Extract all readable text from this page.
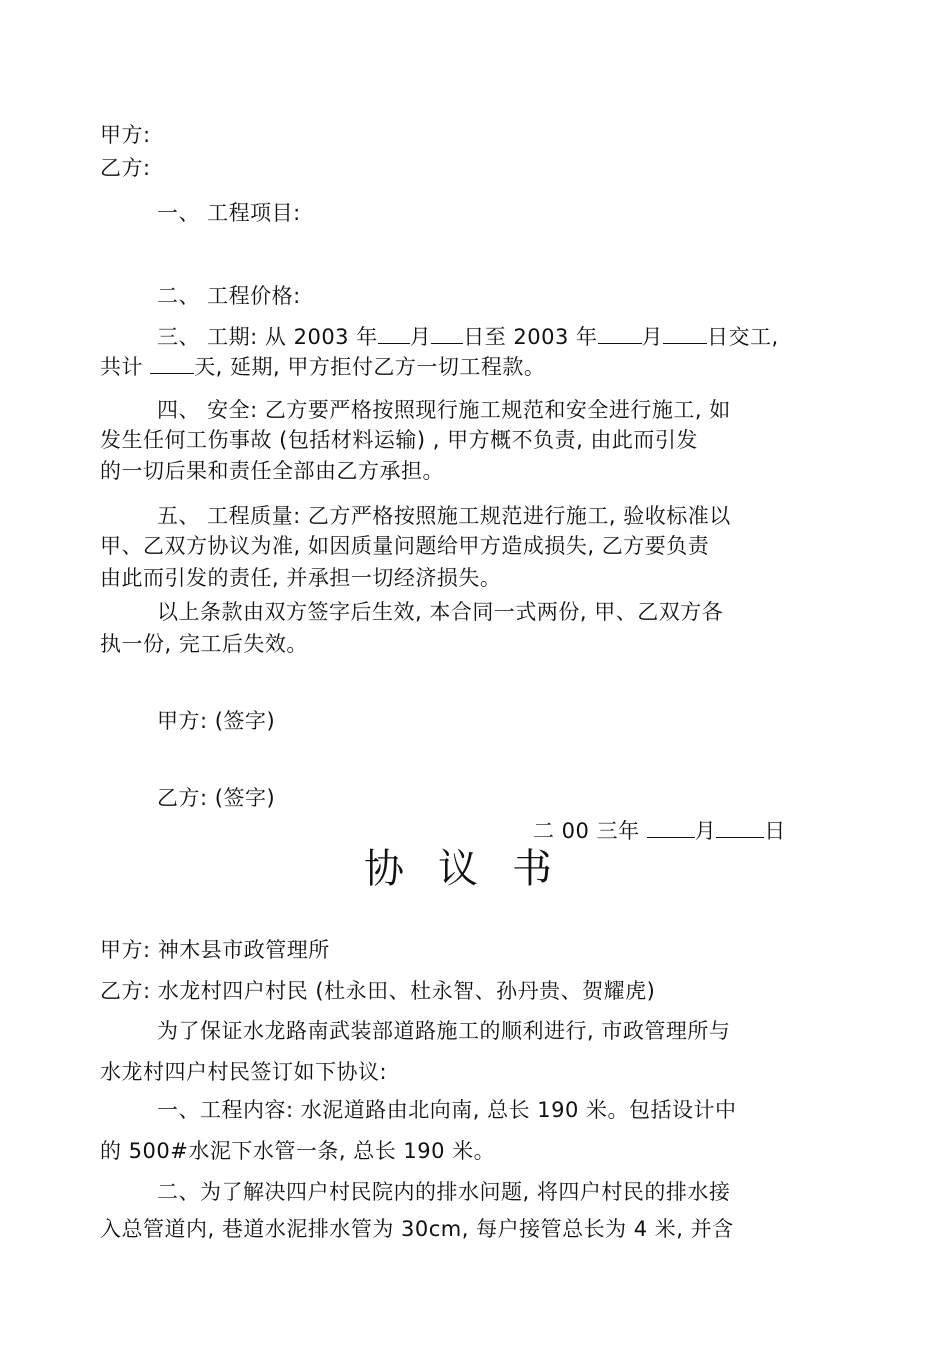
甲方:
乙方:
一、 工程项目:
二、 工程价格:
三、 工期: 从 2003 年 月 日至 2003 年 月 日交工,
共计 天, 延期, 甲方拒付乙方一切工程款。
四、 安全: 乙方要严格按照现行施工规范和安全进行施工, 如
发生任何工伤事故 (包括材料运输) , 甲方概不负责, 由此而引发
的一切后果和责任全部由乙方承担。
五、 工程质量: 乙方严格按照施工规范进行施工, 验收标准以
甲、乙双方协议为准, 如因质量问题给甲方造成损失, 乙方要负责
由此而引发的责任, 并承担一切经济损失。
以上条款由双方签字后生效, 本合同一式两份, 甲、乙双方各
执一份, 完工后失效。
甲方: (签字)
乙方: (签字)
二 00 三年	月 日
协议书
甲方: 神木县市政管理所
乙方: 水龙村四户村民 (杜永田、杜永智、孙丹贵、贺耀虎)
为了保证水龙路南武装部道路施工的顺利进行, 市政管理所与
水龙村四户村民签订如下协议:
一、工程内容: 水泥道路由北向南, 总长 190 米。包括设计中
的 500#水泥下水管一条, 总长 190 米。
二、为了解决四户村民院内的排水问题, 将四户村民的排水接
入总管道内, 巷道水泥排水管为 30cm, 每户接管总长为 4 米, 并含
